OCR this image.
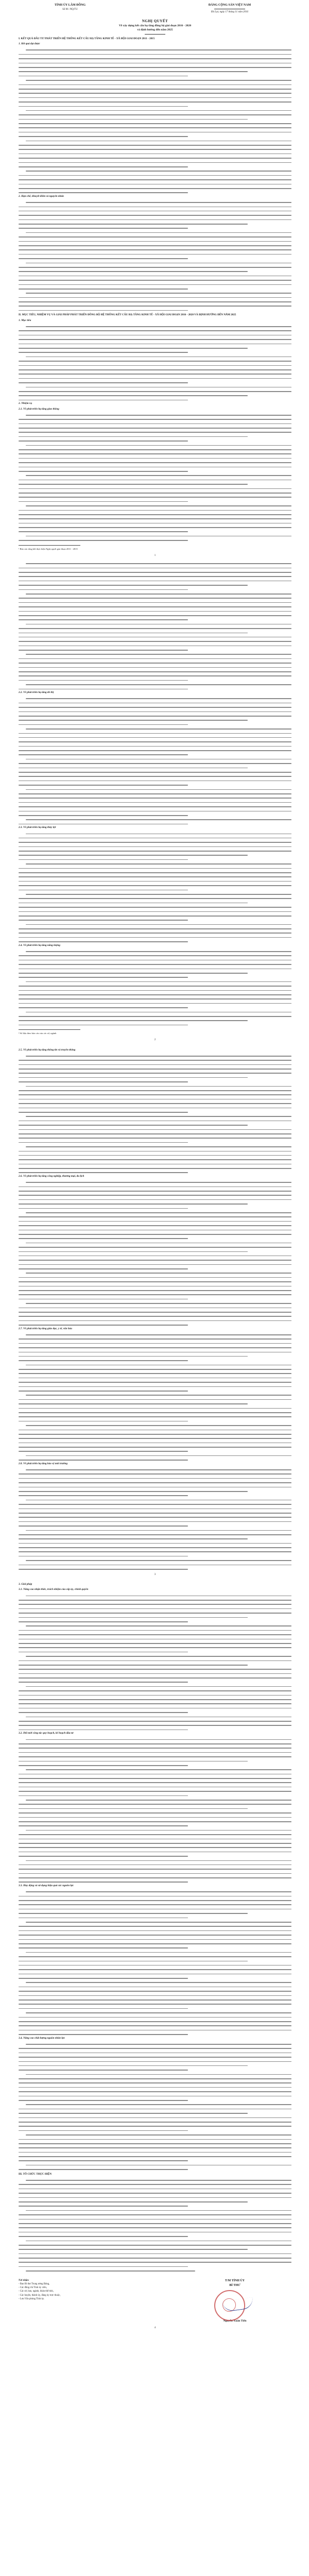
TỈNH ỦY LÂM ĐỒNG
Số 06 -NQ/TU
ĐẢNG CỘNG SẢN VIỆT NAM
Đà Lạt, ngày 17 tháng 11 năm 2016
NGHỊ QUYẾT
Về xây dựng kết cấu hạ tầng đồng bộ giai đoạn 2016 - 2020
và định hướng đến năm 2025
I. KẾT QUẢ ĐẦU TƯ PHÁT TRIỂN HỆ THỐNG KẾT CẤU HẠ TẦNG KINH TẾ - XÃ HỘI GIAI ĐOẠN 2011 - 2015
1. Kết quả đạt được
2. Hạn chế, khuyết điểm và nguyên nhân
II. MỤC TIÊU, NHIỆM VỤ VÀ GIẢI PHÁP PHÁT TRIỂN ĐỒNG BỘ HỆ THỐNG KẾT CẤU HẠ TẦNG KINH TẾ - XÃ HỘI GIAI ĐOẠN 2016 - 2020 VÀ ĐỊNH HƯỚNG ĐẾN NĂM 2025
1. Mục tiêu
2. Nhiệm vụ
2.1. Về phát triển hạ tầng giao thông
¹ Báo cáo tổng kết thực hiện Nghị quyết giai đoạn 2011 - 2015
1
2.2. Về phát triển hạ tầng đô thị
2.3. Về phát triển hạ tầng thủy lợi
2.4. Về phát triển hạ tầng năng lượng
² Số liệu theo báo cáo của các sở, ngành
2
2.5. Về phát triển hạ tầng thông tin và truyền thông
2.6. Về phát triển hạ tầng công nghiệp, thương mại, du lịch
2.7. Về phát triển hạ tầng giáo dục, y tế, văn hóa
2.8. Về phát triển hạ tầng bảo vệ môi trường
3
3. Giải pháp
3.1. Nâng cao nhận thức, trách nhiệm của cấp ủy, chính quyền
3.2. Đổi mới công tác quy hoạch, kế hoạch đầu tư
3.3. Huy động và sử dụng hiệu quả các nguồn lực
3.4. Nâng cao chất lượng nguồn nhân lực
III. TỔ CHỨC THỰC HIỆN
Nơi nhận:
- Ban Bí thư Trung ương Đảng,
- Các đồng chí Tỉnh ủy viên,
- Các sở, ban, ngành, đoàn thể tỉnh,
- Các huyện, thành ủy, đảng ủy trực thuộc,
- Lưu Văn phòng Tỉnh ủy.
T/M TỈNH ỦY
BÍ THƯ
Nguyễn Xuân Tiến
4
